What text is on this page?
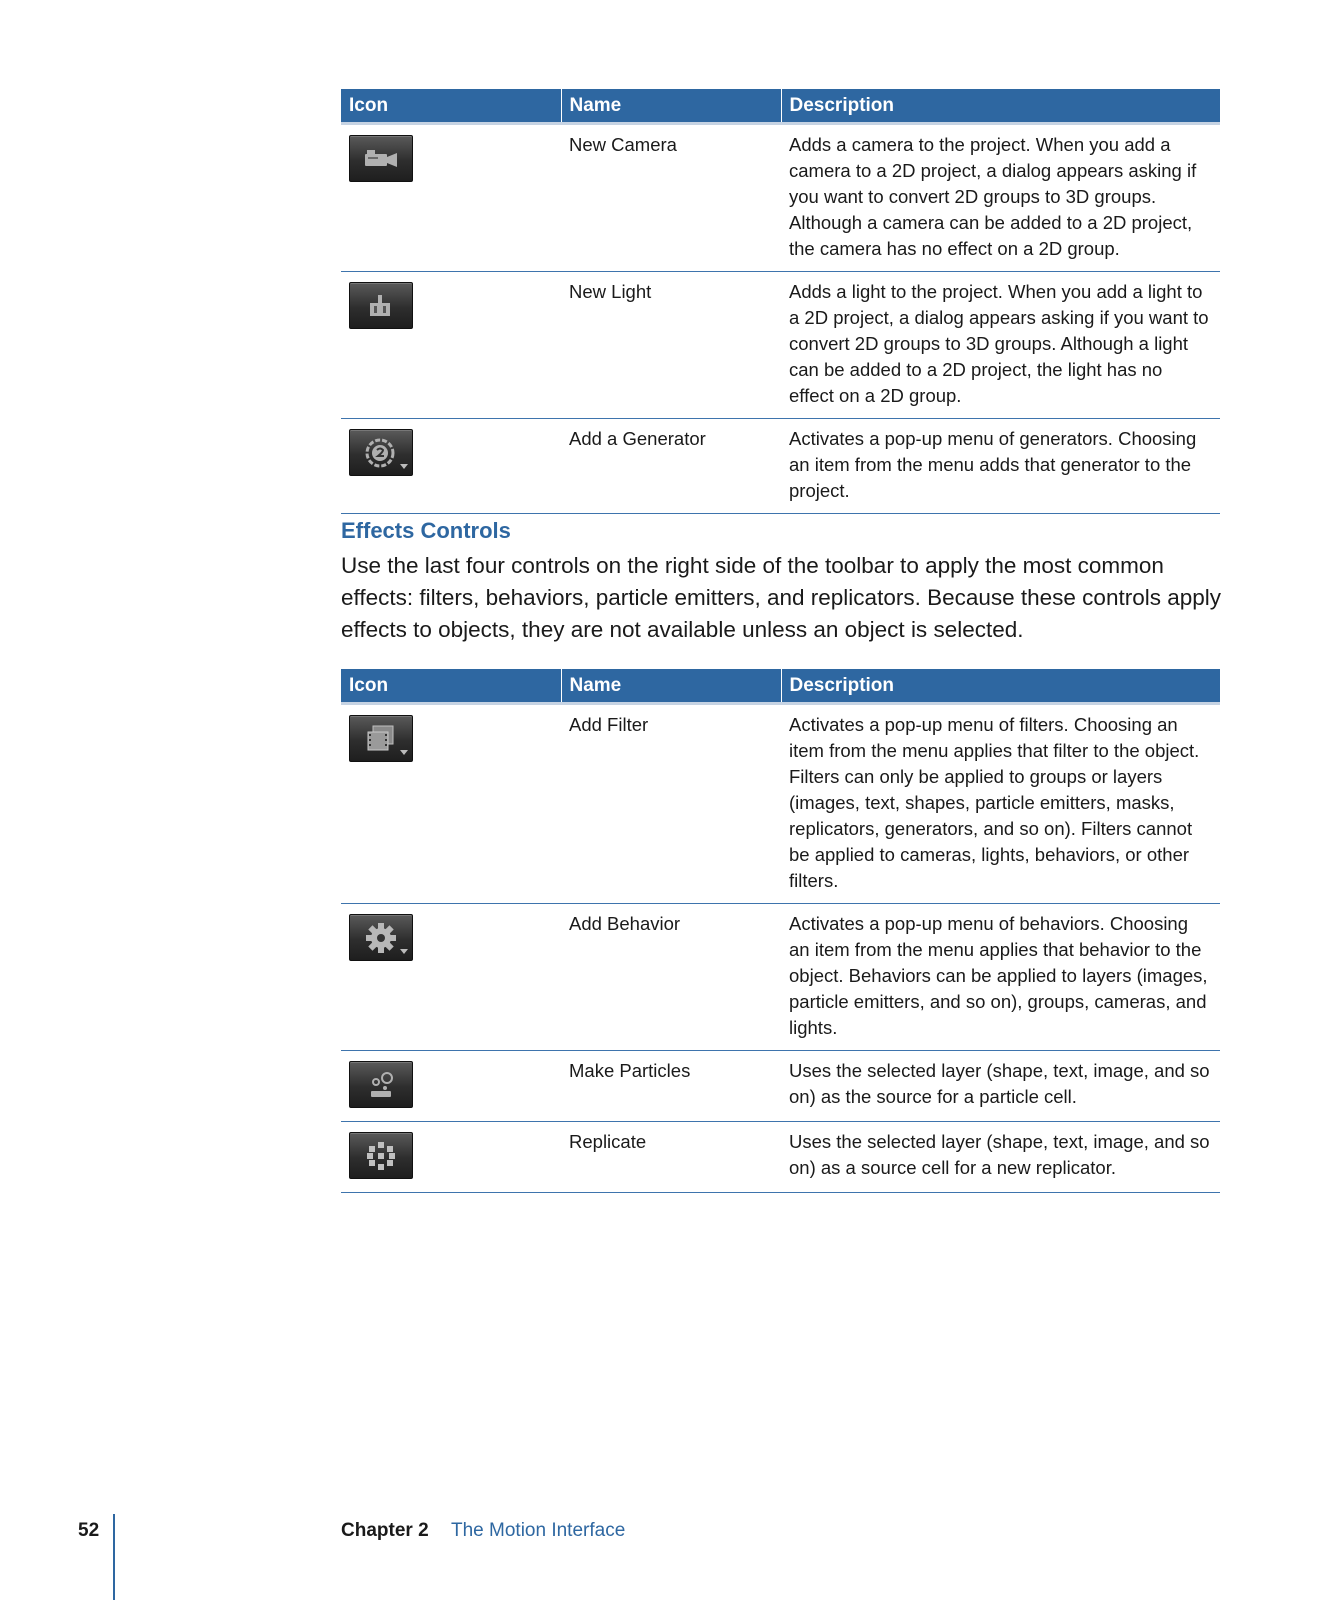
Icon	Name	Description

	New Camera	Adds a camera to the project. When you add a camera to a 2D project, a dialog appears asking if you want to convert 2D groups to 3D groups. Although a camera can be added to a 2D project, the camera has no effect on a 2D group.

	New Light	Adds a light to the project. When you add a light to a 2D project, a dialog appears asking if you want to convert 2D groups to 3D groups. Although a light can be added to a 2D project, the light has no effect on a 2D group.

	Add a Generator	Activates a pop-up menu of generators. Choosing an item from the menu adds that generator to the project.
Effects Controls

Use the last four controls on the right side of the toolbar to apply the most common effects: filters, behaviors, particle emitters, and replicators. Because these controls apply effects to objects, they are not available unless an object is selected.

Icon	Name	Description

	Add Filter	Activates a pop-up menu of filters. Choosing an item from the menu applies that filter to the object. Filters can only be applied to groups or layers (images, text, shapes, particle emitters, masks, replicators, generators, and so on). Filters cannot be applied to cameras, lights, behaviors, or other filters.

	Add Behavior	Activates a pop-up menu of behaviors. Choosing an item from the menu applies that behavior to the object. Behaviors can be applied to layers (images, particle emitters, and so on), groups, cameras, and lights.

	Make Particles	Uses the selected layer (shape, text, image, and so on) as the source for a particle cell.

	Replicate	Uses the selected layer (shape, text, image, and so on) as a source cell for a new replicator.
52	Chapter 2 The Motion Interface
